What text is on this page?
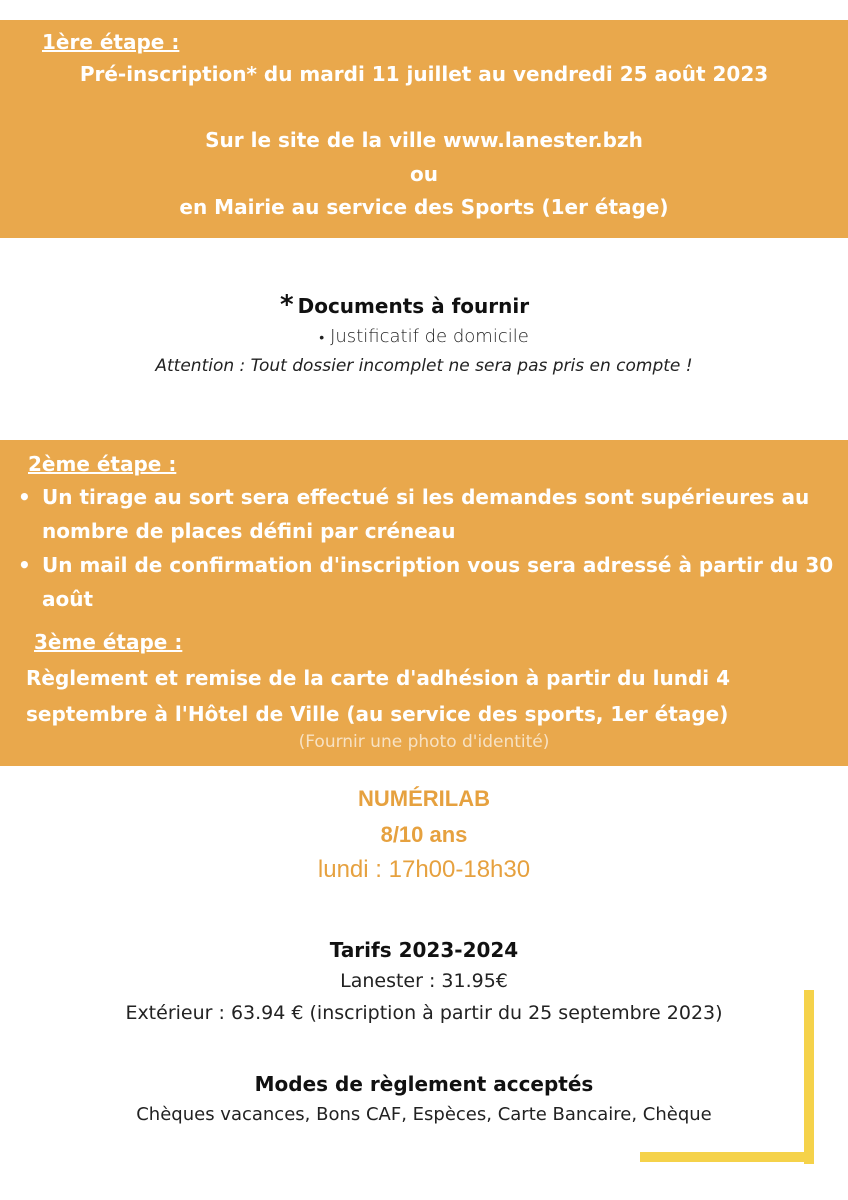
1ère étape :
Pré-inscription* du mardi 11 juillet au vendredi 25 août 2023
Sur le site de la ville www.lanester.bzh
ou
en Mairie au service des Sports (1er étage)
* Documents à fournir
• Justificatif de domicile
Attention : Tout dossier incomplet ne sera pas pris en compte !
2ème étape :
• Un tirage au sort sera effectué si les demandes sont supérieures au nombre de places défini par créneau
• Un mail de confirmation d'inscription vous sera adressé à partir du 30 août
3ème étape :
Règlement et remise de la carte d'adhésion à partir du lundi 4 septembre à l'Hôtel de Ville (au service des sports, 1er étage)
(Fournir une photo d'identité)
NUMÉRILAB
8/10 ans
lundi : 17h00-18h30
Tarifs 2023-2024
Lanester : 31.95€
Extérieur : 63.94 € (inscription à partir du 25 septembre 2023)
Modes de règlement acceptés
Chèques vacances, Bons CAF, Espèces, Carte Bancaire, Chèque
